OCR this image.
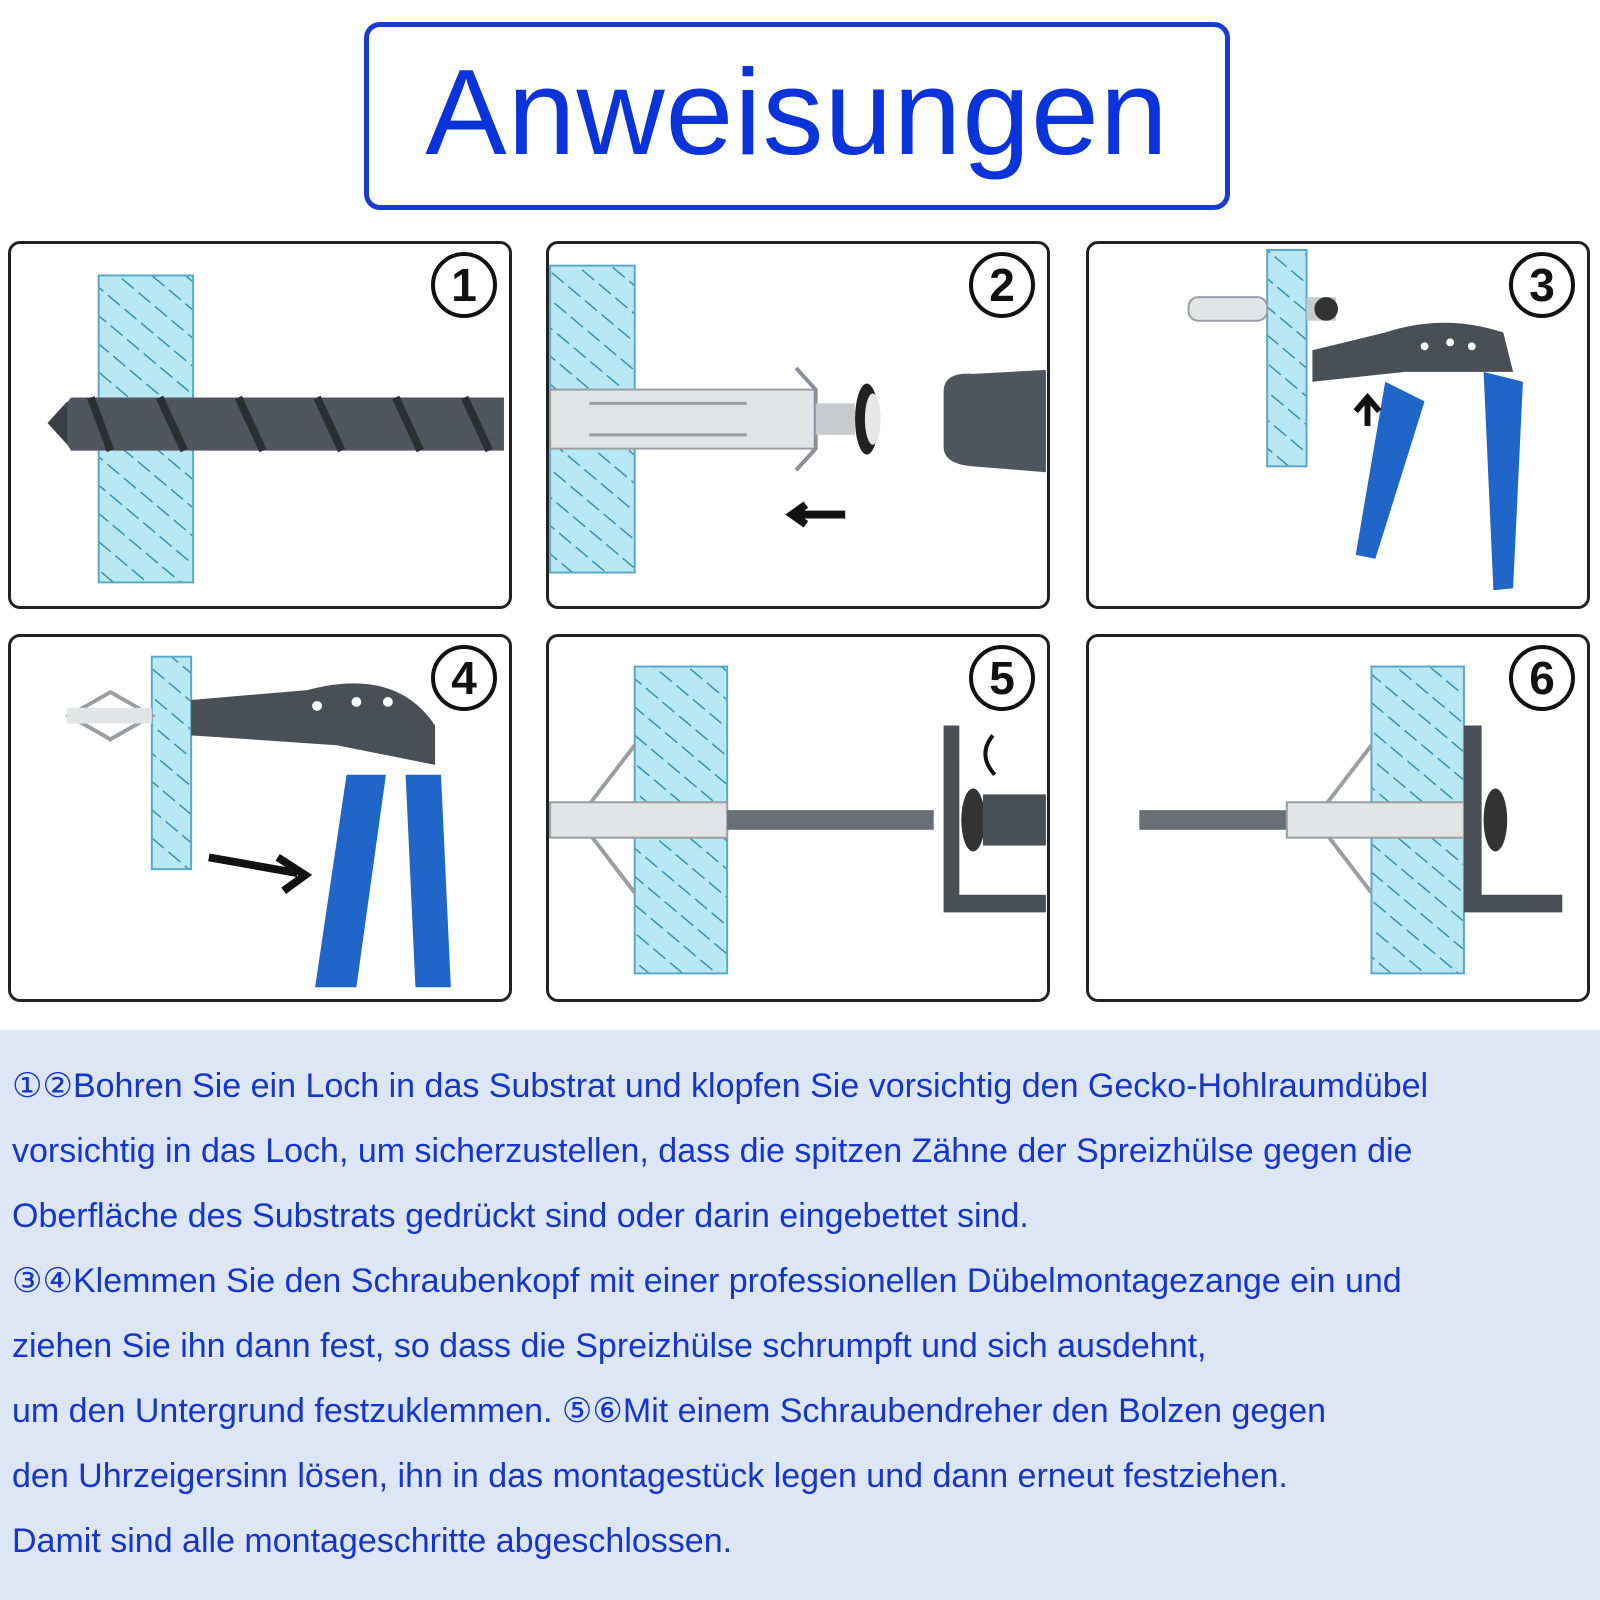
Anweisungen
1	2	3
4	5	6
①②Bohren Sie ein Loch in das Substrat und klopfen Sie vorsichtig den Gecko-Hohlraumdübel
vorsichtig in das Loch, um sicherzustellen, dass die spitzen Zähne der Spreizhülse gegen die
Oberfläche des Substrats gedrückt sind oder darin eingebettet sind.
③④Klemmen Sie den Schraubenkopf mit einer professionellen Dübelmontagezange ein und
ziehen Sie ihn dann fest, so dass die Spreizhülse schrumpft und sich ausdehnt,
um den Untergrund festzuklemmen. ⑤⑥Mit einem Schraubendreher den Bolzen gegen
den Uhrzeigersinn lösen, ihn in das montagestück legen und dann erneut festziehen.
Damit sind alle montageschritte abgeschlossen.
